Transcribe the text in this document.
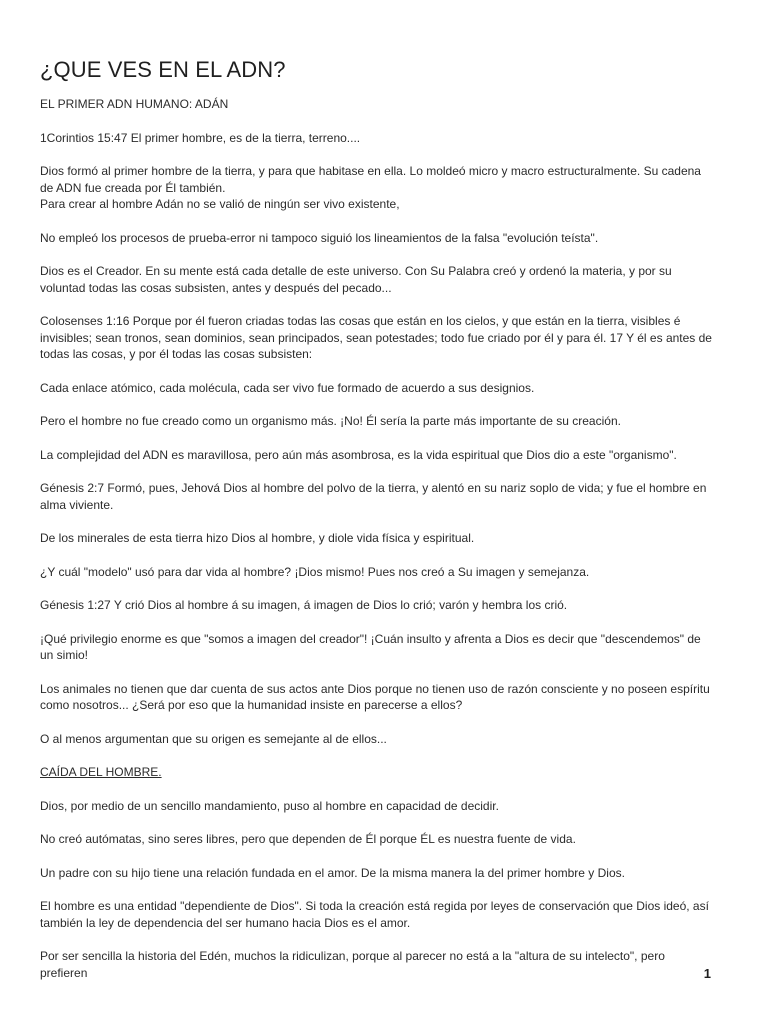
¿QUE VES EN EL ADN?
EL PRIMER ADN HUMANO: ADÁN

1Corintios 15:47 El primer hombre, es de la tierra, terreno....

Dios formó al primer hombre de la tierra, y para que habitase en ella. Lo moldeó micro y macro estructuralmente. Su cadena de ADN fue creada por Él también.
Para crear al hombre Adán no se valió de ningún ser vivo existente,

No empleó los procesos de prueba-error ni tampoco siguió los lineamientos de la falsa "evolución teísta".

Dios es el Creador. En su mente está cada detalle de este universo. Con Su Palabra creó y ordenó la materia, y por su voluntad todas las cosas subsisten, antes y después del pecado...

Colosenses 1:16 Porque por él fueron criadas todas las cosas que están en los cielos, y que están en la tierra, visibles é invisibles; sean tronos, sean dominios, sean principados, sean potestades; todo fue criado por él y para él. 17 Y él es antes de todas las cosas, y por él todas las cosas subsisten:

Cada enlace atómico, cada molécula, cada ser vivo fue formado de acuerdo a sus designios.

Pero el hombre no fue creado como un organismo más. ¡No! Él sería la parte más importante de su creación.

La complejidad del ADN es maravillosa, pero aún más asombrosa, es la vida espiritual que Dios dio a este "organismo".

Génesis 2:7 Formó, pues, Jehová Dios al hombre del polvo de la tierra, y alentó en su nariz soplo de vida; y fue el hombre en alma viviente.

De los minerales de esta tierra hizo Dios al hombre, y diole vida física y espiritual.

¿Y cuál "modelo" usó para dar vida al hombre? ¡Dios mismo! Pues nos creó a Su imagen y semejanza.

Génesis 1:27 Y crió Dios al hombre á su imagen, á imagen de Dios lo crió; varón y hembra los crió.

¡Qué privilegio enorme es que "somos a imagen del creador"! ¡Cuán insulto y afrenta a Dios es decir que "descendemos" de un simio!

Los animales no tienen que dar cuenta de sus actos ante Dios porque no tienen uso de razón consciente y no poseen espíritu como nosotros... ¿Será por eso que la humanidad insiste en parecerse a ellos?

O al menos argumentan que su origen es semejante al de ellos...

CAÍDA DEL HOMBRE.

Dios, por medio de un sencillo mandamiento, puso al hombre en capacidad de decidir.

No creó autómatas, sino seres libres, pero que dependen de Él porque ÉL es nuestra fuente de vida.

Un padre con su hijo tiene una relación fundada en el amor. De la misma manera la del primer hombre y Dios.

El hombre es una entidad "dependiente de Dios". Si toda la creación está regida por leyes de conservación que Dios ideó, así también la ley de dependencia del ser humano hacia Dios es el amor.

Por ser sencilla la historia del Edén, muchos la ridiculizan, porque al parecer no está a la "altura de su intelecto", pero prefieren	1
